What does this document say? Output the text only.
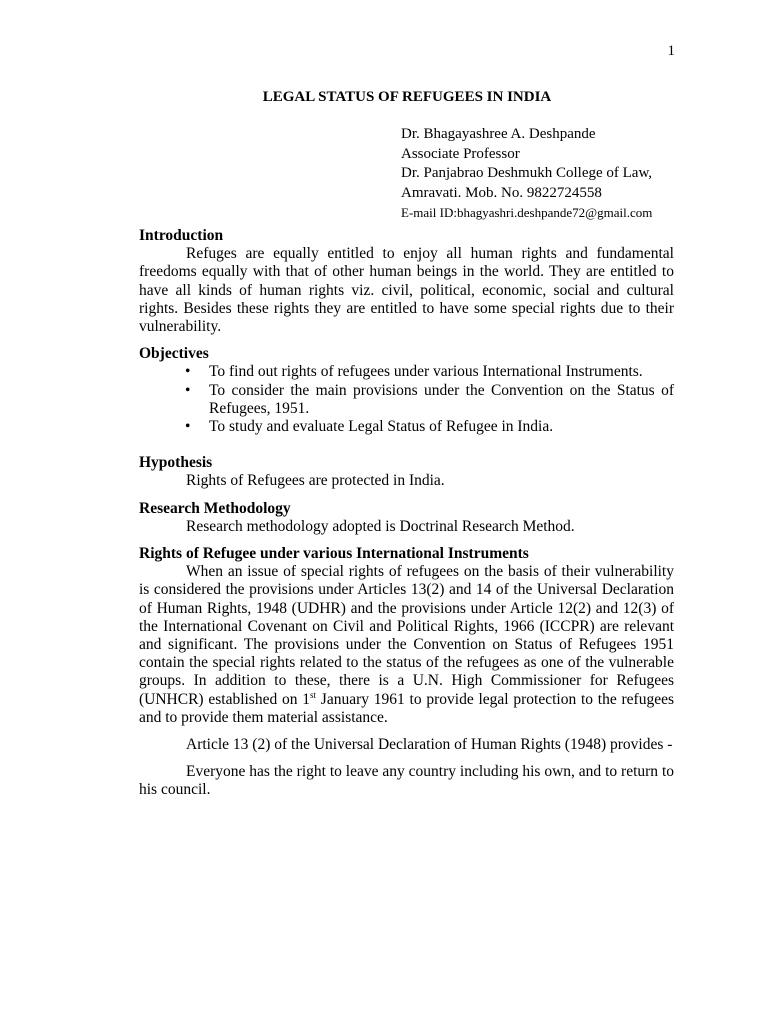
1
LEGAL STATUS OF REFUGEES IN INDIA
Dr. Bhagayashree A. Deshpande
Associate Professor
Dr. Panjabrao Deshmukh College of Law,
Amravati. Mob. No. 9822724558
E-mail ID:bhagyashri.deshpande72@gmail.com
Introduction

Refuges are equally entitled to enjoy all human rights and fundamental freedoms equally with that of other human beings in the world. They are entitled to have all kinds of human rights viz. civil, political, economic, social and cultural rights. Besides these rights they are entitled to have some special rights due to their vulnerability.

Objectives
• To find out rights of refugees under various International Instruments.
• To consider the main provisions under the Convention on the Status of Refugees, 1951.
• To study and evaluate Legal Status of Refugee in India.
Hypothesis

Rights of Refugees are protected in India.

Research Methodology

Research methodology adopted is Doctrinal Research Method.

Rights of Refugee under various International Instruments

When an issue of special rights of refugees on the basis of their vulnerability is considered the provisions under Articles 13(2) and 14 of the Universal Declaration of Human Rights, 1948 (UDHR) and the provisions under Article 12(2) and 12(3) of the International Covenant on Civil and Political Rights, 1966 (ICCPR) are relevant and significant. The provisions under the Convention on Status of Refugees 1951 contain the special rights related to the status of the refugees as one of the vulnerable groups. In addition to these, there is a U.N. High Commissioner for Refugees (UNHCR) established on 1st January 1961 to provide legal protection to the refugees and to provide them material assistance.

Article 13 (2) of the Universal Declaration of Human Rights (1948) provides -

Everyone has the right to leave any country including his own, and to return to his council.
